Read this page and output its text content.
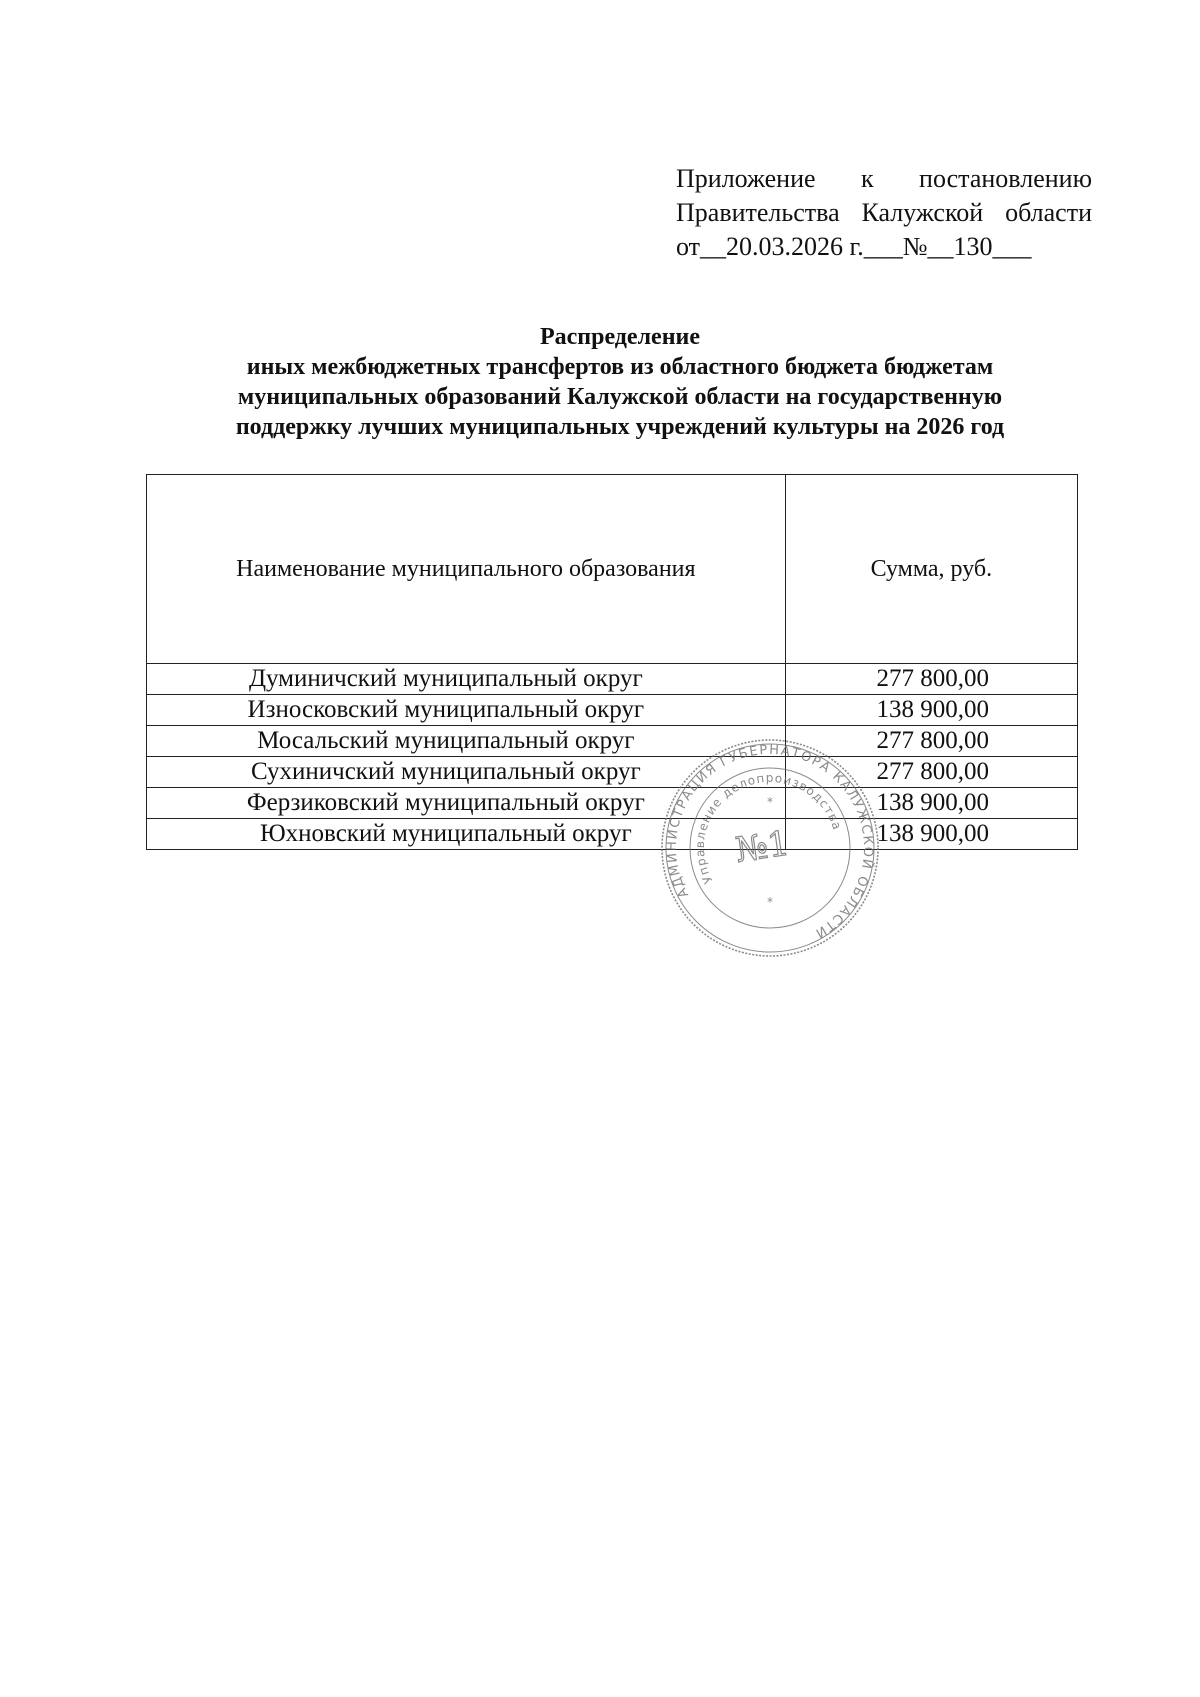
Приложение к постановлению
Правительства Калужской области
от__20.03.2026 г.___№__130___
Распределение
иных межбюджетных трансфертов из областного бюджета бюджетам
муниципальных образований Калужской области на государственную
поддержку лучших муниципальных учреждений культуры на 2026 год
Наименование муниципального образования	Сумма, руб.
Думиничский муниципальный округ	277 800,00
Износковский муниципальный округ	138 900,00
Мосальский муниципальный округ	277 800,00
Сухиничский муниципальный округ	277 800,00
Ферзиковский муниципальный округ	138 900,00
Юхновский муниципальный округ	138 900,00
АДМИНИСТРАЦИЯ ГУБЕРНАТОРА КАЛУЖСКОЙ ОБЛАСТИ
Управление делопроизводства
№1
*
*
